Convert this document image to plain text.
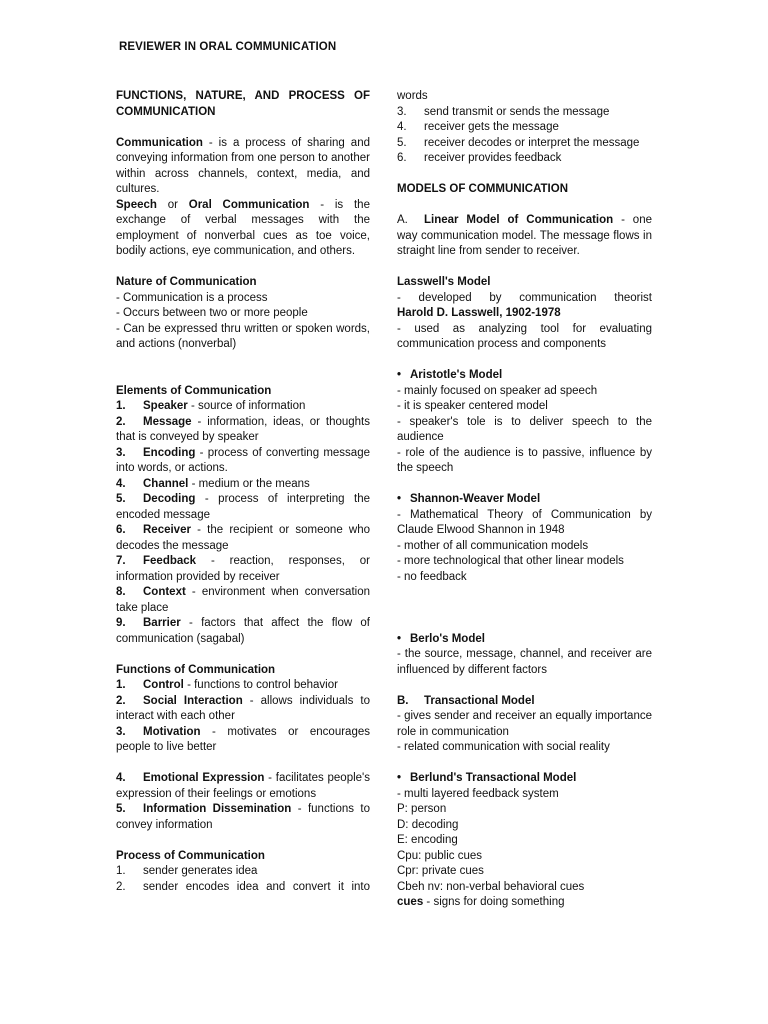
REVIEWER IN ORAL COMMUNICATION

FUNCTIONS, NATURE, AND PROCESS OF

COMMUNICATION

Communication - is a process of sharing and conveying information from one person to another within across channels, context, media, and cultures.

Speech or Oral Communication - is the exchange of verbal messages with the employment of nonverbal cues as toe voice, bodily actions, eye communication, and others.

Nature of Communication

- Communication is a process

- Occurs between two or more people

- Can be expressed thru written or spoken words, and actions (nonverbal)

Elements of Communication

1. Speaker - source of information

2. Message - information, ideas, or thoughts that is conveyed by speaker

3. Encoding - process of converting message into words, or actions.

4. Channel - medium or the means

5. Decoding - process of interpreting the encoded message

6. Receiver - the recipient or someone who decodes the message

7. Feedback - reaction, responses, or information provided by receiver

8. Context - environment when conversation take place

9. Barrier - factors that affect the flow of communication (sagabal)

Functions of Communication

1. Control - functions to control behavior

2. Social Interaction - allows individuals to interact with each other

3. Motivation - motivates or encourages people to live better

4. Emotional Expression - facilitates people's expression of their feelings or emotions

5. Information Dissemination - functions to convey information

Process of Communication

1. sender generates idea

2. sender encodes idea and convert it into

words

3. send transmit or sends the message

4. receiver gets the message

5. receiver decodes or interpret the message

6. receiver provides feedback

MODELS OF COMMUNICATION

A. Linear Model of Communication - one way communication model. The message flows in straight line from sender to receiver.

Lasswell's Model

- developed by communication theorist

Harold D. Lasswell, 1902-1978

- used as analyzing tool for evaluating communication process and components

• Aristotle's Model

- mainly focused on speaker ad speech

- it is speaker centered model

- speaker's tole is to deliver speech to the audience

- role of the audience is to passive, influence by the speech

• Shannon-Weaver Model

- Mathematical Theory of Communication by Claude Elwood Shannon in 1948

- mother of all communication models

- more technological that other linear models

- no feedback

• Berlo's Model

- the source, message, channel, and receiver are influenced by different factors

B. Transactional Model

- gives sender and receiver an equally importance role in communication

- related communication with social reality

• Berlund's Transactional Model

- multi layered feedback system

P: person

D: decoding

E: encoding

Cpu: public cues

Cpr: private cues

Cbeh nv: non-verbal behavioral cues

cues - signs for doing something
